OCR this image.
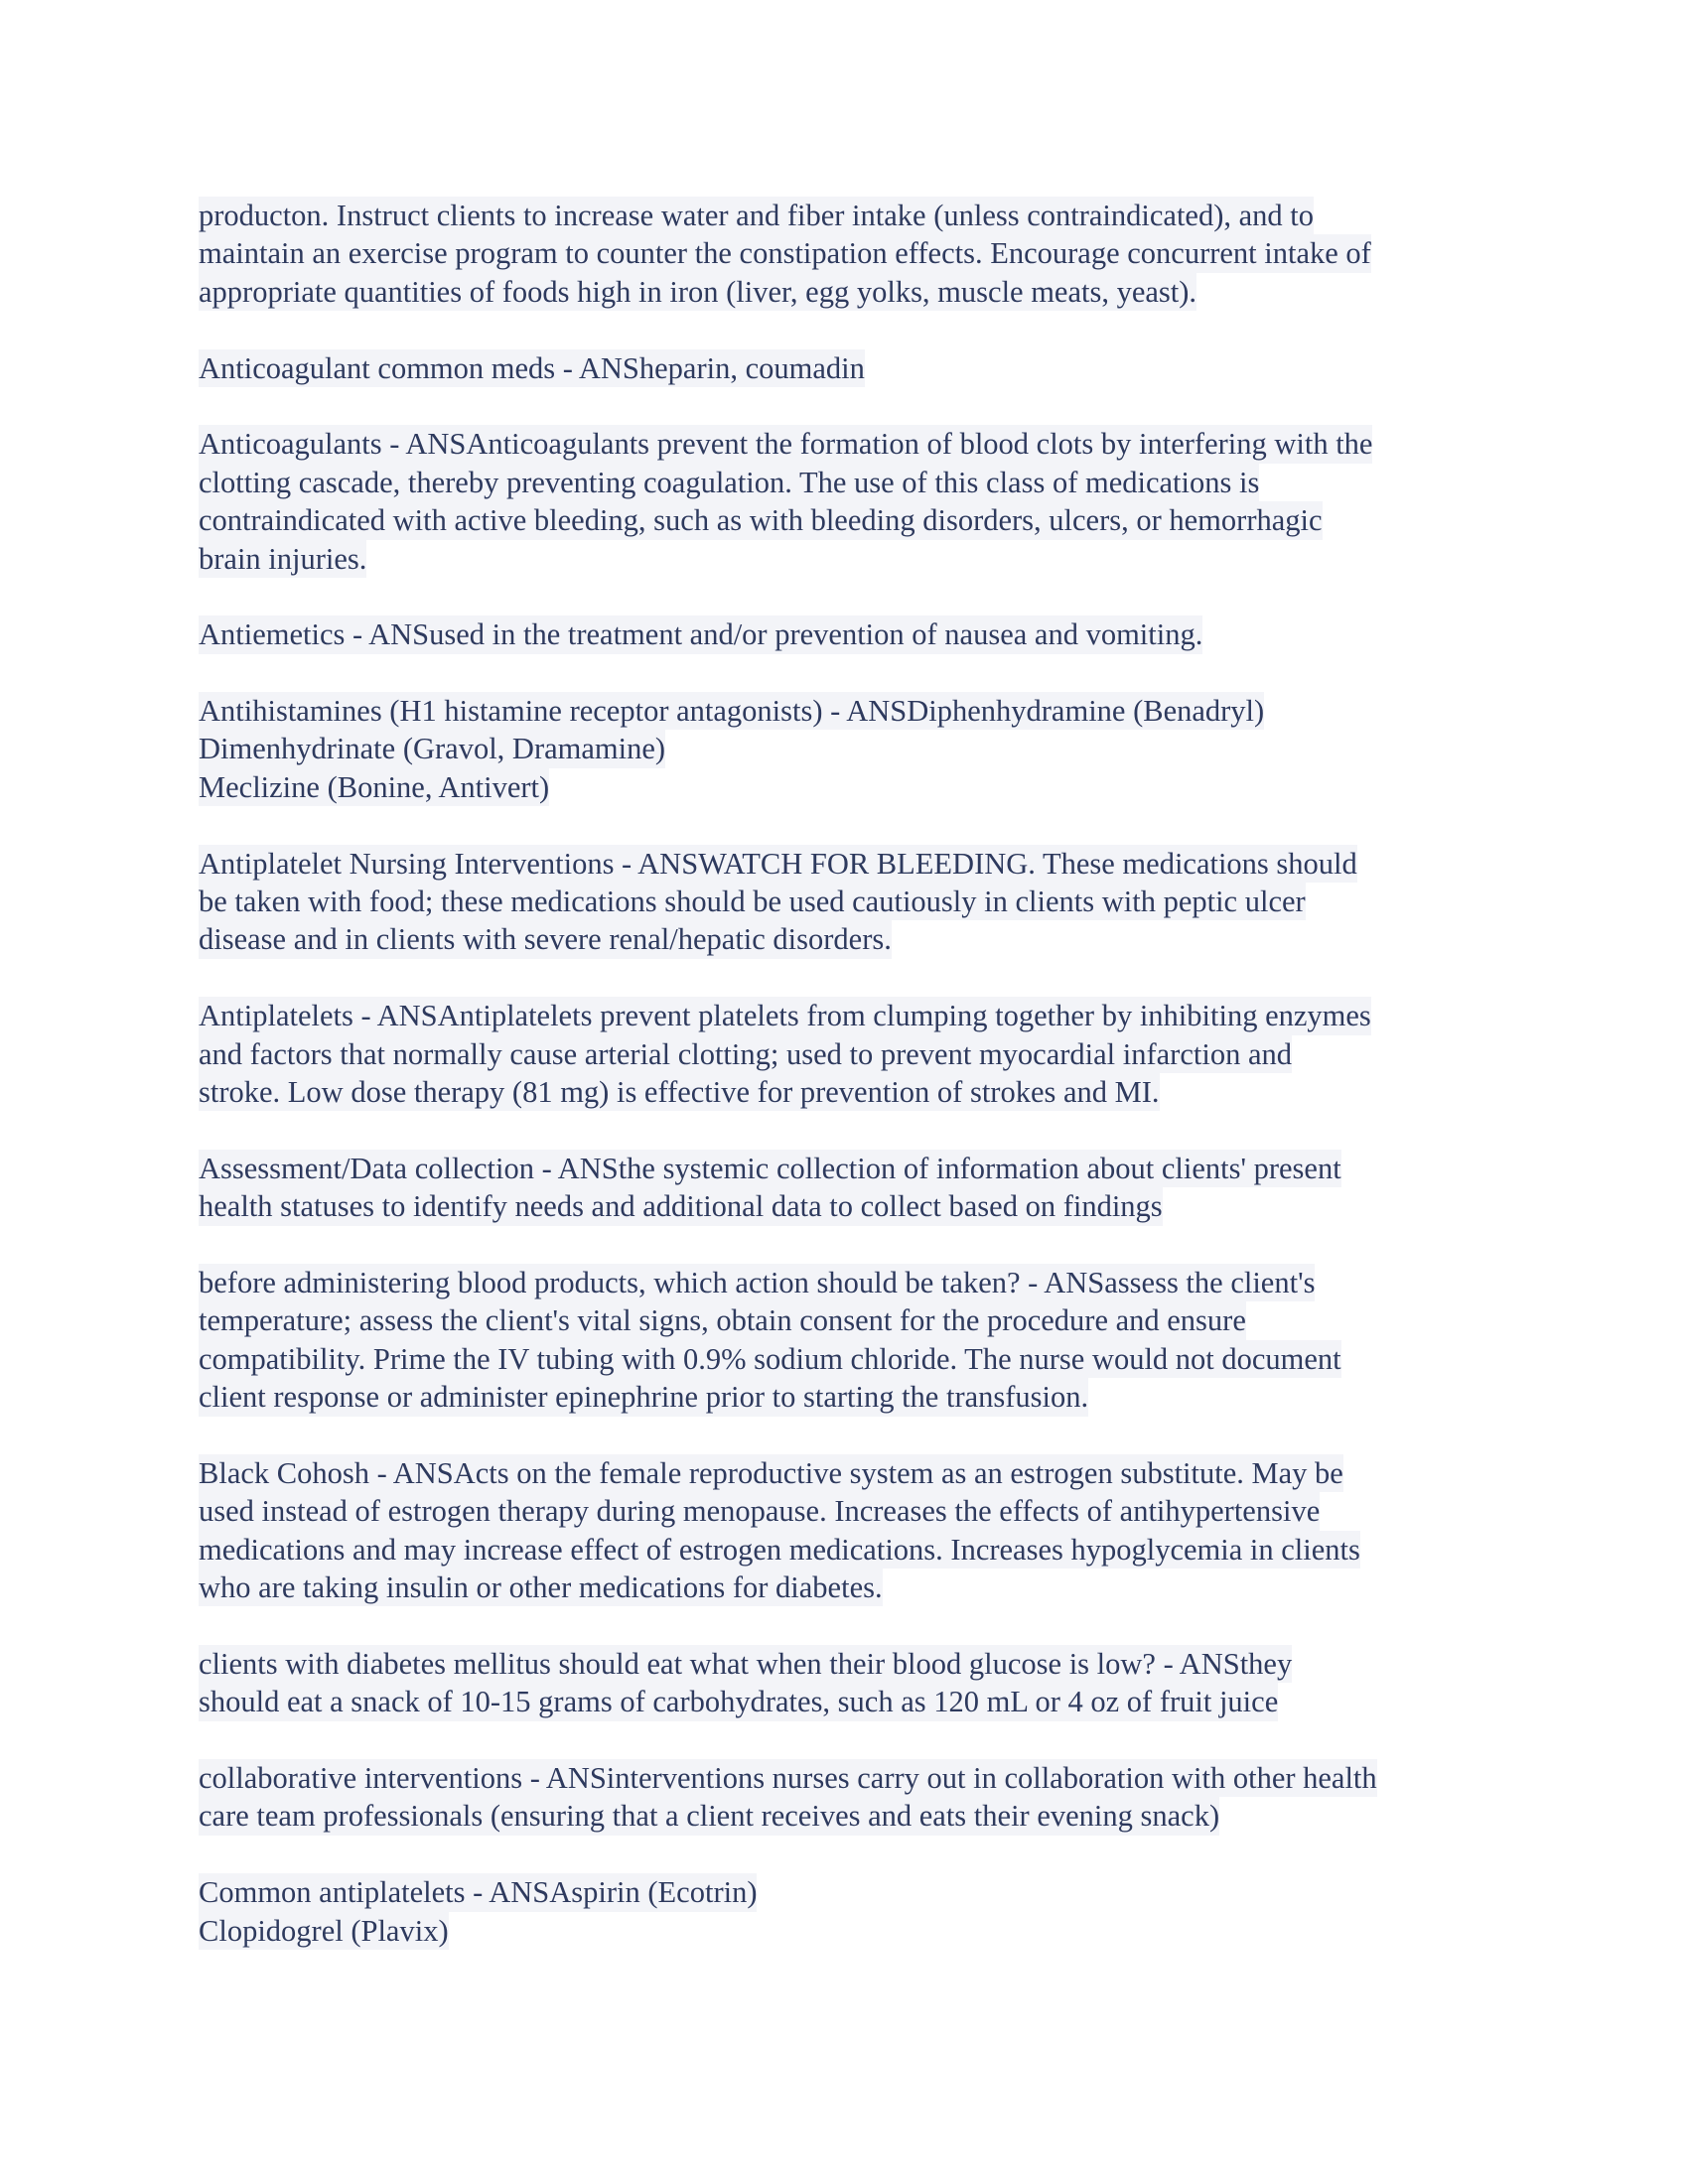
producton. Instruct clients to increase water and fiber intake (unless contraindicated), and to
maintain an exercise program to counter the constipation effects. Encourage concurrent intake of
appropriate quantities of foods high in iron (liver, egg yolks, muscle meats, yeast).
Anticoagulant common meds - ANSheparin, coumadin
Anticoagulants - ANSAnticoagulants prevent the formation of blood clots by interfering with the
clotting cascade, thereby preventing coagulation. The use of this class of medications is
contraindicated with active bleeding, such as with bleeding disorders, ulcers, or hemorrhagic
brain injuries.
Antiemetics - ANSused in the treatment and/or prevention of nausea and vomiting.
Antihistamines (H1 histamine receptor antagonists) - ANSDiphenhydramine (Benadryl)
Dimenhydrinate (Gravol, Dramamine)
Meclizine (Bonine, Antivert)
Antiplatelet Nursing Interventions - ANSWATCH FOR BLEEDING. These medications should
be taken with food; these medications should be used cautiously in clients with peptic ulcer
disease and in clients with severe renal/hepatic disorders.
Antiplatelets - ANSAntiplatelets prevent platelets from clumping together by inhibiting enzymes
and factors that normally cause arterial clotting; used to prevent myocardial infarction and
stroke. Low dose therapy (81 mg) is effective for prevention of strokes and MI.
Assessment/Data collection - ANSthe systemic collection of information about clients' present
health statuses to identify needs and additional data to collect based on findings
before administering blood products, which action should be taken? - ANSassess the client's
temperature; assess the client's vital signs, obtain consent for the procedure and ensure
compatibility. Prime the IV tubing with 0.9% sodium chloride. The nurse would not document
client response or administer epinephrine prior to starting the transfusion.
Black Cohosh - ANSActs on the female reproductive system as an estrogen substitute. May be
used instead of estrogen therapy during menopause. Increases the effects of antihypertensive
medications and may increase effect of estrogen medications. Increases hypoglycemia in clients
who are taking insulin or other medications for diabetes.
clients with diabetes mellitus should eat what when their blood glucose is low? - ANSthey
should eat a snack of 10-15 grams of carbohydrates, such as 120 mL or 4 oz of fruit juice
collaborative interventions - ANSinterventions nurses carry out in collaboration with other health
care team professionals (ensuring that a client receives and eats their evening snack)
Common antiplatelets - ANSAspirin (Ecotrin)
Clopidogrel (Plavix)
